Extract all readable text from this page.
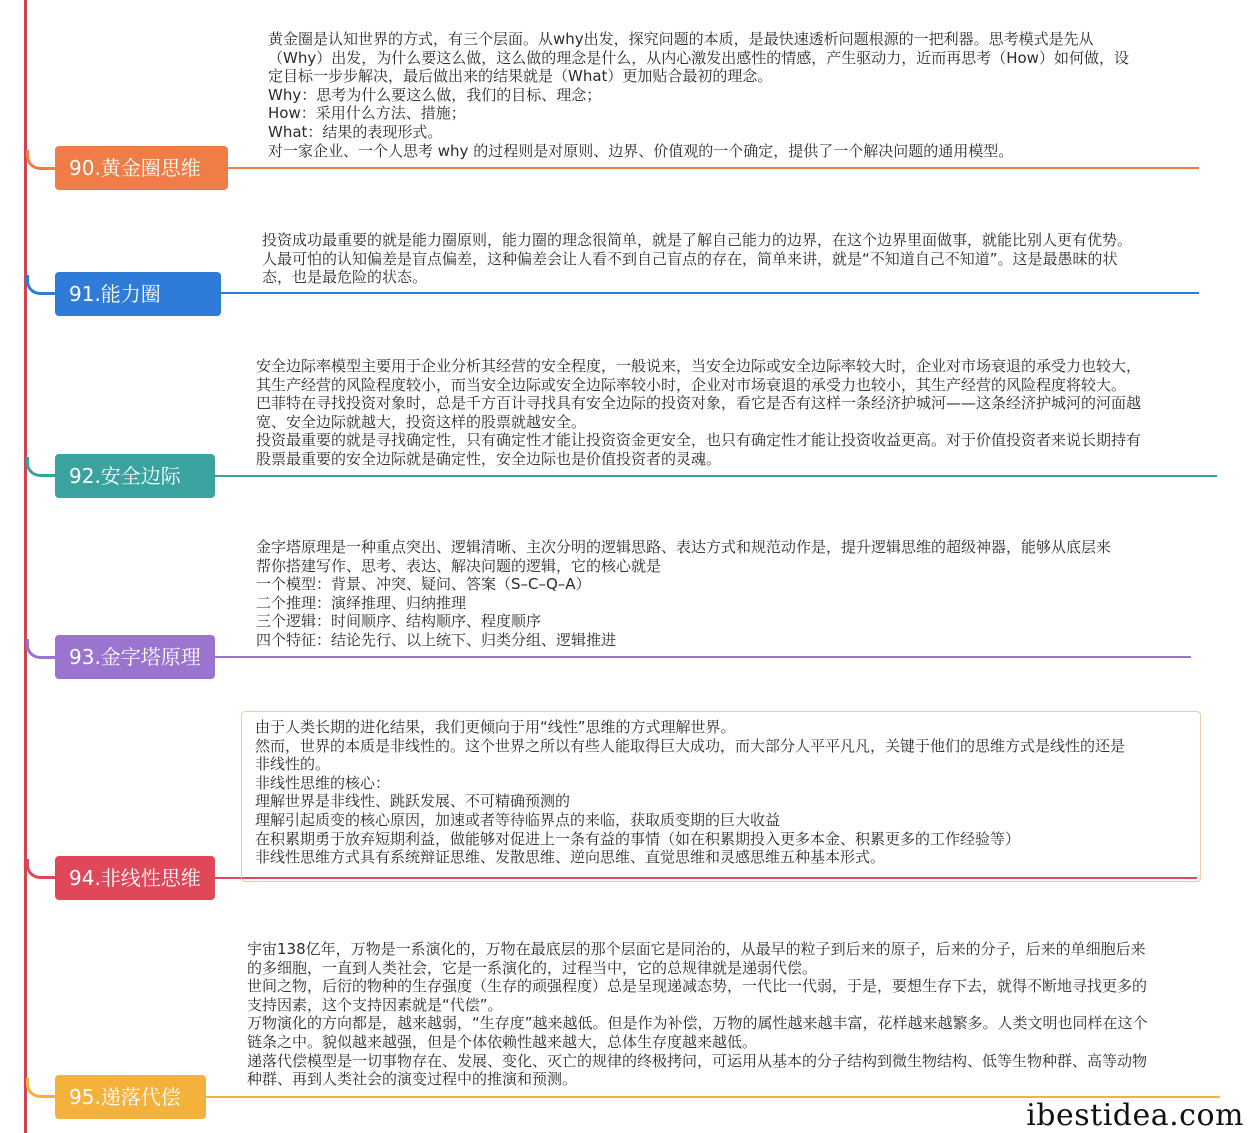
90.黄金圈思维
黄金圈是认知世界的方式，有三个层面。从why出发，探究问题的本质，是最快速透析问题根源的一把利器。思考模式是先从
（Why）出发，为什么要这么做，这么做的理念是什么，从内心激发出感性的情感，产生驱动力，近而再思考（How）如何做，设
定目标一步步解决，最后做出来的结果就是（What）更加贴合最初的理念。
Why：思考为什么要这么做，我们的目标、理念；
How：采用什么方法、措施；
What：结果的表现形式。
对一家企业、一个人思考 why 的过程则是对原则、边界、价值观的一个确定，提供了一个解决问题的通用模型。
91.能力圈
投资成功最重要的就是能力圈原则，能力圈的理念很简单，就是了解自己能力的边界，在这个边界里面做事，就能比别人更有优势。
人最可怕的认知偏差是盲点偏差，这种偏差会让人看不到自己盲点的存在，简单来讲，就是“不知道自己不知道”。这是最愚昧的状
态，也是最危险的状态。
92.安全边际
安全边际率模型主要用于企业分析其经营的安全程度，一般说来，当安全边际或安全边际率较大时，企业对市场衰退的承受力也较大，
其生产经营的风险程度较小，而当安全边际或安全边际率较小时，企业对市场衰退的承受力也较小，其生产经营的风险程度将较大。
巴菲特在寻找投资对象时，总是千方百计寻找具有安全边际的投资对象，看它是否有这样一条经济护城河——这条经济护城河的河面越
宽、安全边际就越大，投资这样的股票就越安全。
投资最重要的就是寻找确定性，只有确定性才能让投资资金更安全，也只有确定性才能让投资收益更高。对于价值投资者来说长期持有
股票最重要的安全边际就是确定性，安全边际也是价值投资者的灵魂。
93.金字塔原理
金字塔原理是一种重点突出、逻辑清晰、主次分明的逻辑思路、表达方式和规范动作是，提升逻辑思维的超级神器，能够从底层来
帮你搭建写作、思考、表达、解决问题的逻辑，它的核心就是
一个模型：背景、冲突、疑问、答案（S–C–Q–A）
二个推理：演绎推理、归纳推理
三个逻辑：时间顺序、结构顺序、程度顺序
四个特征：结论先行、以上统下、归类分组、逻辑推进
94.非线性思维
由于人类长期的进化结果，我们更倾向于用“线性”思维的方式理解世界。
然而，世界的本质是非线性的。这个世界之所以有些人能取得巨大成功，而大部分人平平凡凡，关键于他们的思维方式是线性的还是
非线性的。
非线性思维的核心：
理解世界是非线性、跳跃发展、不可精确预测的
理解引起质变的核心原因，加速或者等待临界点的来临，获取质变期的巨大收益
在积累期勇于放弃短期利益，做能够对促进上一条有益的事情（如在积累期投入更多本金、积累更多的工作经验等）
非线性思维方式具有系统辩证思维、发散思维、逆向思维、直觉思维和灵感思维五种基本形式。
95.递落代偿
宇宙138亿年，万物是一系演化的，万物在最底层的那个层面它是同治的，从最早的粒子到后来的原子，后来的分子，后来的单细胞后来
的多细胞，一直到人类社会，它是一系演化的，过程当中，它的总规律就是递弱代偿。
世间之物，后衍的物种的生存强度（生存的顽强程度）总是呈现递减态势，一代比一代弱，于是，要想生存下去，就得不断地寻找更多的
支持因素，这个支持因素就是“代偿”。
万物演化的方向都是，越来越弱，“生存度”越来越低。但是作为补偿，万物的属性越来越丰富，花样越来越繁多。人类文明也同样在这个
链条之中。貌似越来越强，但是个体依赖性越来越大，总体生存度越来越低。
递落代偿模型是一切事物存在、发展、变化、灭亡的规律的终极拷问，可运用从基本的分子结构到微生物结构、低等生物种群、高等动物
种群、再到人类社会的演变过程中的推演和预测。
ibestidea.com
